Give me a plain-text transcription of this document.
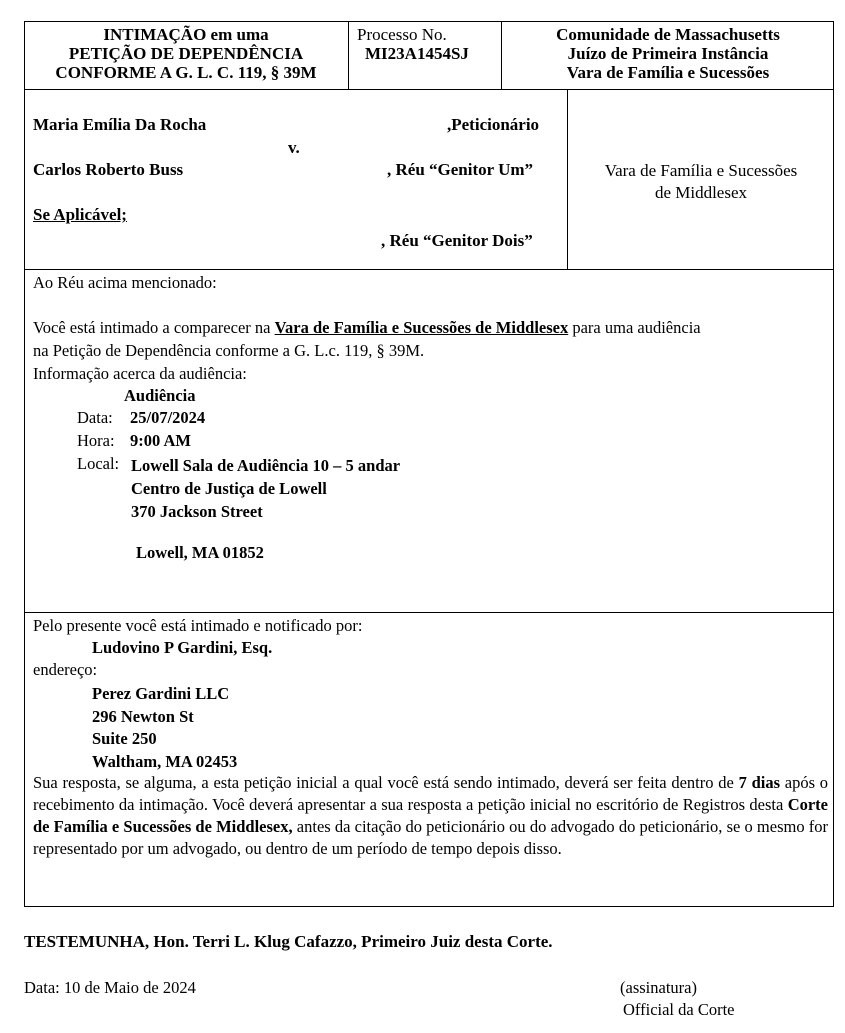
INTIMAÇÃO em uma
PETIÇÃO DE DEPENDÊNCIA
CONFORME A G. L. C. 119, § 39M
Processo No.
MI23A1454SJ
Comunidade de Massachusetts
Juízo de Primeira Instância
Vara de Família e Sucessões
Maria Emília Da Rocha	,Peticionário
v.
Carlos Roberto Buss	, Réu “Genitor Um”
Se Aplicável;
, Réu “Genitor Dois”
Vara de Família e Sucessões
de Middlesex
Ao Réu acima mencionado:
Você está intimado a comparecer na Vara de Família e Sucessões de Middlesex para uma audiência
na Petição de Dependência conforme a G. L.c. 119, § 39M.
Informação acerca da audiência:
Audiência
Data: 25/07/2024
Hora: 9:00 AM
Local: Lowell Sala de Audiência 10 – 5 andar
Centro de Justiça de Lowell
370 Jackson Street
Lowell, MA 01852
Pelo presente você está intimado e notificado por:
Ludovino P Gardini, Esq.
endereço:
Perez Gardini LLC
296 Newton St
Suite 250
Waltham, MA 02453
Sua resposta, se alguma, a esta petição inicial a qual você está sendo intimado, deverá ser feita dentro de 7 dias após o recebimento da intimação. Você deverá apresentar a sua resposta a petição inicial no escritório de Registros desta Corte de Família e Sucessões de Middlesex, antes da citação do peticionário ou do advogado do peticionário, se o mesmo for representado por um advogado, ou dentro de um período de tempo depois disso.
TESTEMUNHA, Hon. Terri L. Klug Cafazzo, Primeiro Juiz desta Corte.
Data: 10 de Maio de 2024	(assinatura)
Official da Corte
